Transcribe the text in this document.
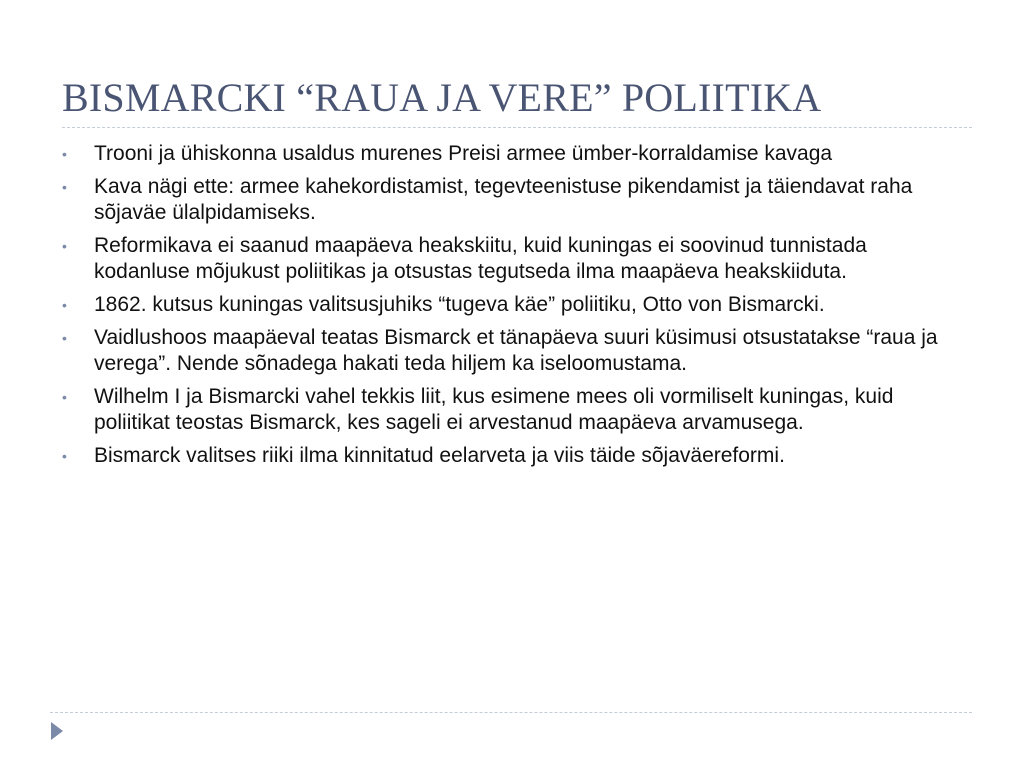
BISMARCKI “RAUA JA VERE” POLIITIKA
• Trooni ja ühiskonna usaldus murenes Preisi armee ümber-korraldamise kavaga
• Kava nägi ette: armee kahekordistamist, tegevteenistuse pikendamist ja täiendavat raha sõjaväe ülalpidamiseks.
• Reformikava ei saanud maapäeva heakskiitu, kuid kuningas ei soovinud tunnistada kodanluse mõjukust poliitikas ja otsustas tegutseda ilma maapäeva heakskiiduta.
• 1862. kutsus kuningas valitsusjuhiks “tugeva käe” poliitiku, Otto von Bismarcki.
• Vaidlushoos maapäeval teatas Bismarck et tänapäeva suuri küsimusi otsustatakse “raua ja verega”. Nende sõnadega hakati teda hiljem ka iseloomustama.
• Wilhelm I ja Bismarcki vahel tekkis liit, kus esimene mees oli vormiliselt kuningas, kuid poliitikat teostas Bismarck, kes sageli ei arvestanud maapäeva arvamusega.
• Bismarck valitses riiki ilma kinnitatud eelarveta ja viis täide sõjaväereformi.
